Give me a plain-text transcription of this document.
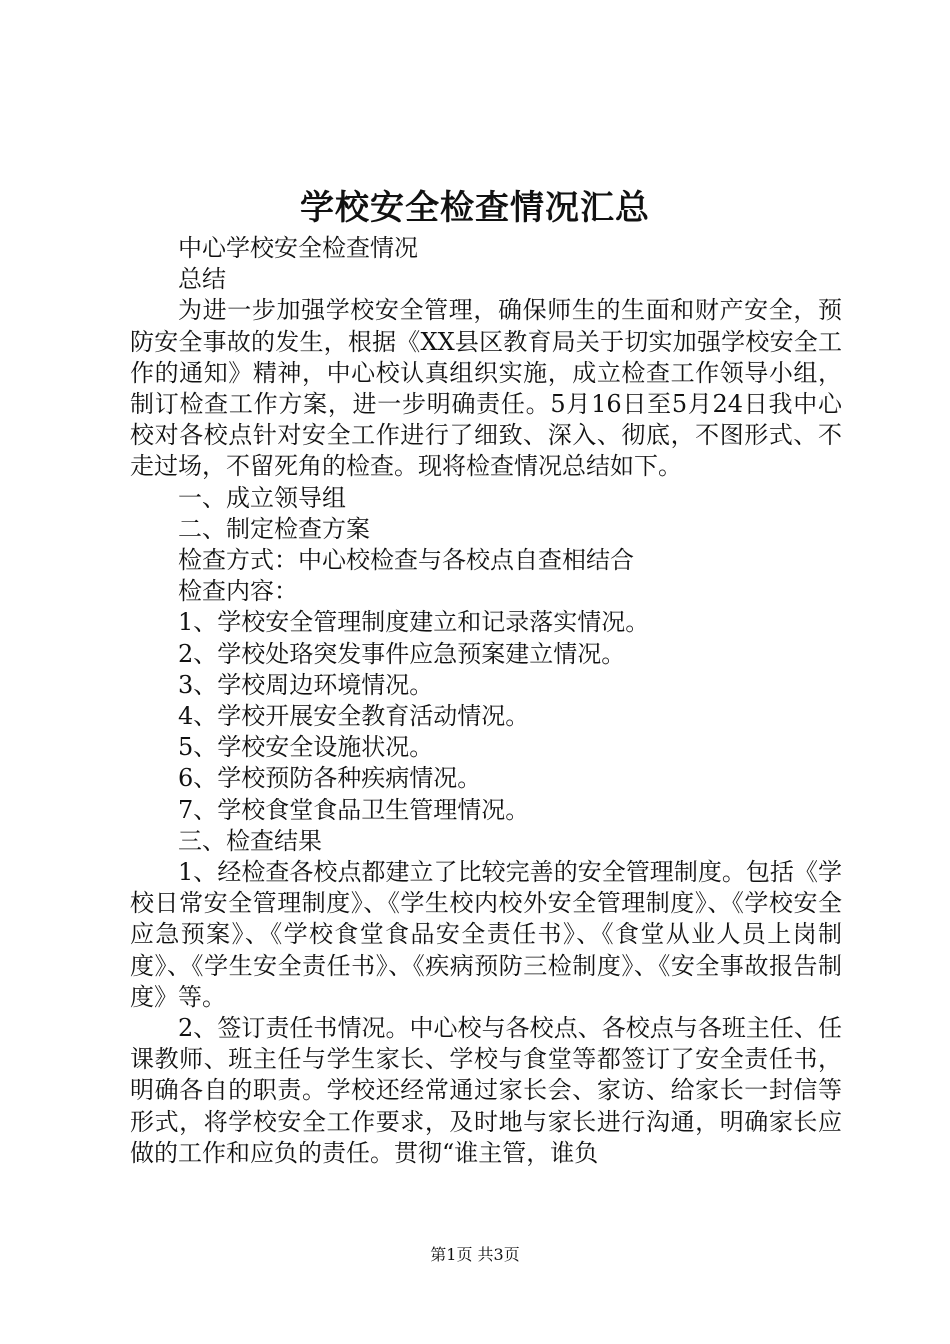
学校安全检查情况汇总

中心学校安全检查情况

总结

为进一步加强学校安全管理，确保师生的生面和财产安全，预防安全事故的发生，根据《XX县区教育局关于切实加强学校安全工作的通知》精神，中心校认真组织实施，成立检查工作领导小组，制订检查工作方案，进一步明确责任。5月16日至5月24日我中心校对各校点针对安全工作进行了细致、深入、彻底，不图形式、不走过场，不留死角的检查。现将检查情况总结如下。

一、成立领导组

二、制定检查方案

检查方式：中心校检查与各校点自查相结合

检查内容：

1、学校安全管理制度建立和记录落实情况。

2、学校处珞突发事件应急预案建立情况。

3、学校周边环境情况。

4、学校开展安全教育活动情况。

5、学校安全设施状况。

6、学校预防各种疾病情况。

7、学校食堂食品卫生管理情况。

三、检查结果

1、经检查各校点都建立了比较完善的安全管理制度。包括《学校日常安全管理制度》、《学生校内校外安全管理制度》、《学校安全应急预案》、《学校食堂食品安全责任书》、《食堂从业人员上岗制度》、《学生安全责任书》、《疾病预防三检制度》、《安全事故报告制度》等。

2、签订责任书情况。中心校与各校点、各校点与各班主任、任课教师、班主任与学生家长、学校与食堂等都签订了安全责任书，明确各自的职责。学校还经常通过家长会、家访、给家长一封信等形式，将学校安全工作要求，及时地与家长进行沟通，明确家长应做的工作和应负的责任。贯彻“谁主管，谁负

第1页 共3页
